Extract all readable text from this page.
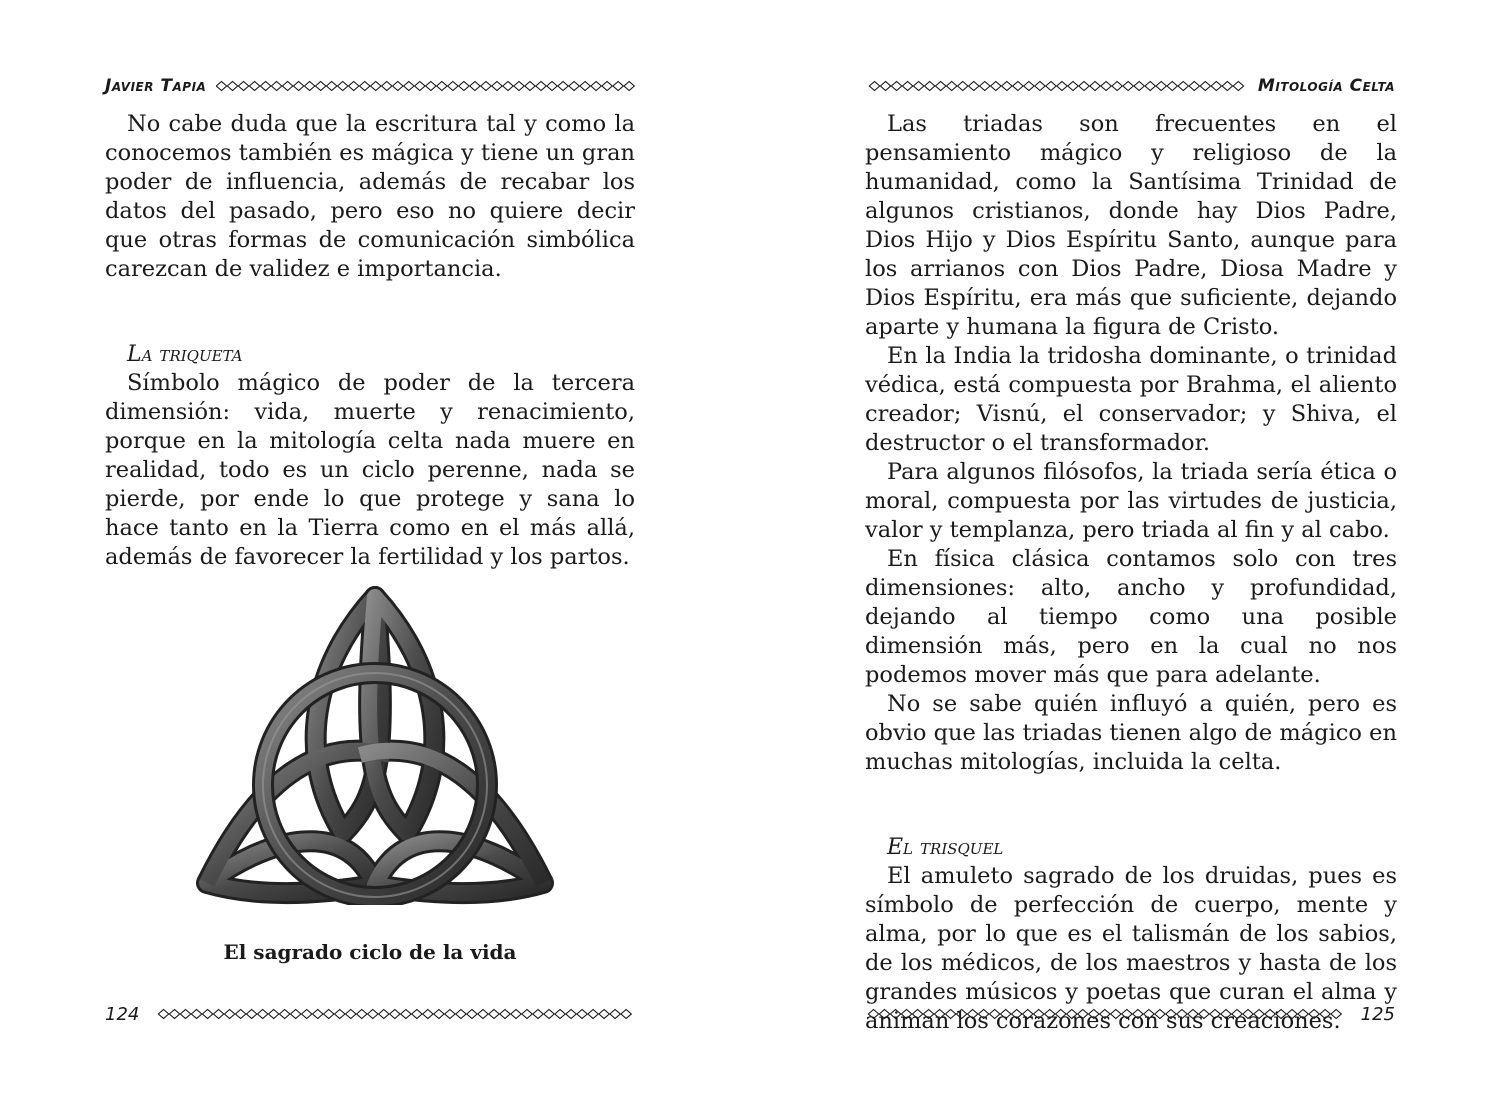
Javier Tapia

No cabe duda que la escritura tal y como la conocemos también es mágica y tiene un gran poder de influencia, además de recabar los datos del pasado, pero eso no quiere decir que otras formas de comunicación simbólica carezcan de validez e importancia.

La triqueta

Símbolo mágico de poder de la tercera dimensión: vida, muerte y renacimiento, porque en la mitología celta nada muere en realidad, todo es un ciclo perenne, nada se pierde, por ende lo que protege y sana lo hace tanto en la Tierra como en el más allá, además de favorecer la fertilidad y los partos.

El sagrado ciclo de la vida
124
Mitología Celta

Las triadas son frecuentes en el pensamiento mágico y religioso de la humanidad, como la Santísima Trinidad de algunos cristianos, donde hay Dios Padre, Dios Hijo y Dios Espíritu Santo, aunque para los arrianos con Dios Padre, Diosa Madre y Dios Espíritu, era más que suficiente, dejando aparte y humana la figura de Cristo.

En la India la tridosha dominante, o trinidad védica, está compuesta por Brahma, el aliento creador; Visnú, el conservador; y Shiva, el destructor o el transformador.

Para algunos filósofos, la triada sería ética o moral, compuesta por las virtudes de justicia, valor y templanza, pero triada al fin y al cabo.

En física clásica contamos solo con tres dimensiones: alto, ancho y profundidad, dejando al tiempo como una posible dimensión más, pero en la cual no nos podemos mover más que para adelante.

No se sabe quién influyó a quién, pero es obvio que las triadas tienen algo de mágico en muchas mitologías, incluida la celta.

El trisquel

El amuleto sagrado de los druidas, pues es símbolo de perfección de cuerpo, mente y alma, por lo que es el talismán de los sabios, de los médicos, de los maestros y hasta de los grandes músicos y poetas que curan el alma y animan los corazones con sus creaciones.	125
